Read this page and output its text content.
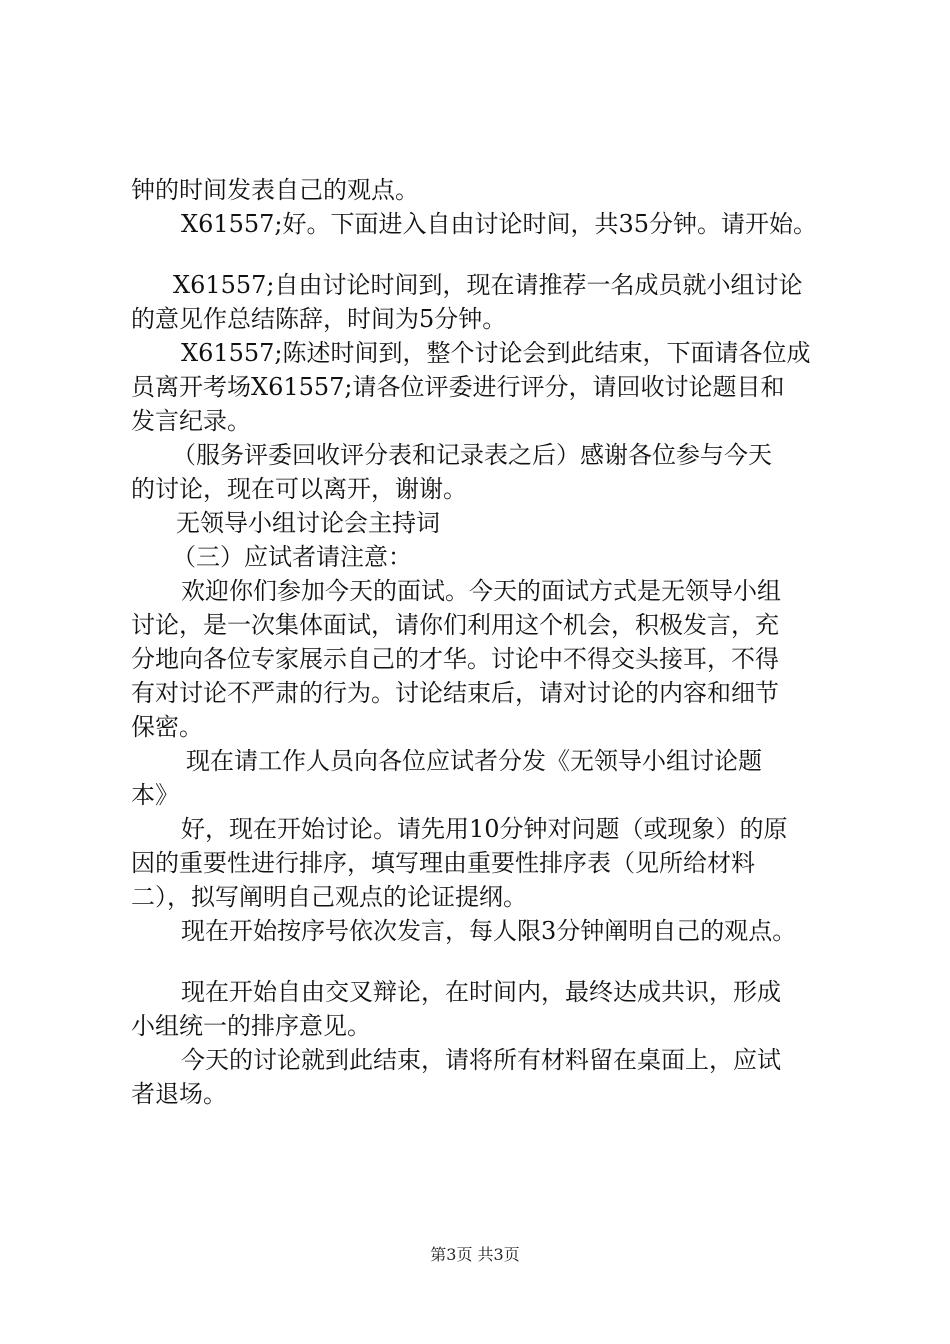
钟的时间发表自己的观点。
X61557;好。下面进入自由讨论时间，共35分钟。请开始。
X61557;自由讨论时间到，现在请推荐一名成员就小组讨论
的意见作总结陈辞，时间为5分钟。
X61557;陈述时间到，整个讨论会到此结束，下面请各位成
员离开考场X61557;请各位评委进行评分，请回收讨论题目和
发言纪录。
（服务评委回收评分表和记录表之后）感谢各位参与今天
的讨论，现在可以离开，谢谢。
无领导小组讨论会主持词
（三）应试者请注意：
欢迎你们参加今天的面试。今天的面试方式是无领导小组
讨论，是一次集体面试，请你们利用这个机会，积极发言，充
分地向各位专家展示自己的才华。讨论中不得交头接耳，不得
有对讨论不严肃的行为。讨论结束后，请对讨论的内容和细节
保密。
现在请工作人员向各位应试者分发《无领导小组讨论题
本》
好，现在开始讨论。请先用10分钟对问题（或现象）的原
因的重要性进行排序，填写理由重要性排序表（见所给材料
二），拟写阐明自己观点的论证提纲。
现在开始按序号依次发言，每人限3分钟阐明自己的观点。
现在开始自由交叉辩论，在时间内，最终达成共识，形成
小组统一的排序意见。
今天的讨论就到此结束，请将所有材料留在桌面上，应试
者退场。
第3页 共3页
